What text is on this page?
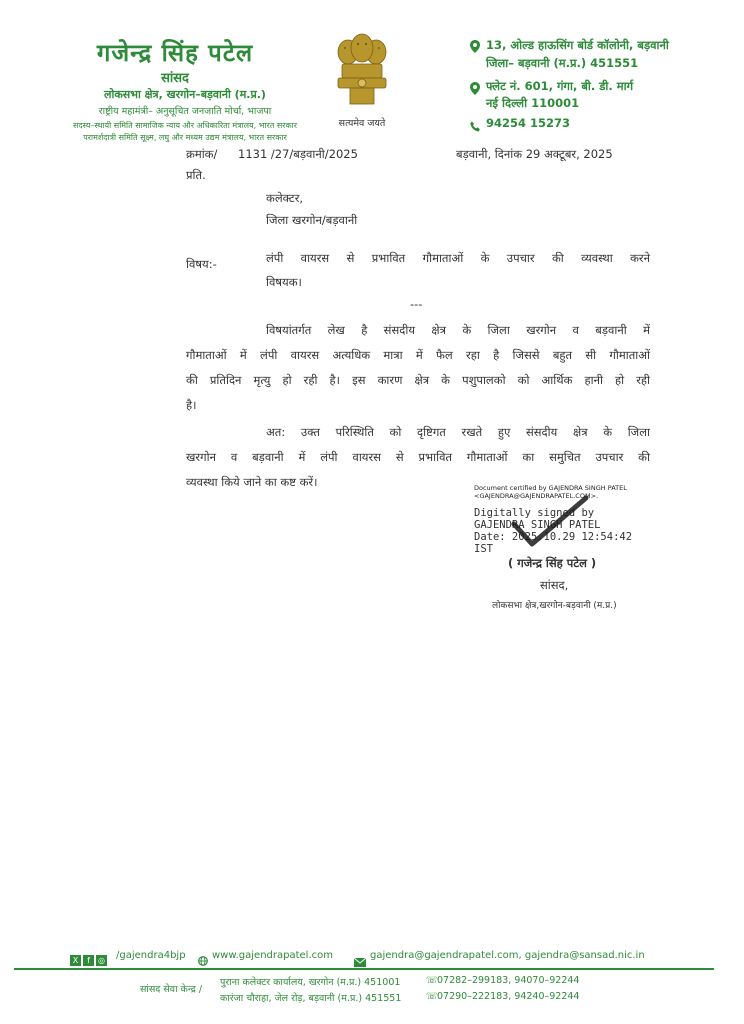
गजेन्द्र सिंह पटेल
सांसद
लोकसभा क्षेत्र, खरगोन–बड़वानी (म.प्र.)
राष्ट्रीय महामंत्री– अनुसूचित जनजाति मोर्चा, भाजपा
सदस्य–स्थायी समिति सामाजिक न्याय और अधिकारिता मंत्रालय, भारत सरकार
परामर्शदात्री समिति सूक्ष्म, लघु और मध्यम उद्यम मंत्रालय, भारत सरकार
सत्यमेव जयते
13, ओल्ड हाऊसिंग बोर्ड कॉलोनी, बड़वानी
जिला– बड़वानी (म.प्र.) 451551
फ्लेट नं. 601, गंगा, बी. डी. मार्ग
नई दिल्ली 110001
94254 15273
क्रमांक/ 1131 /27/बड़वानी/2025	बड़वानी, दिनांक 29 अक्टूबर, 2025
प्रति.
कलेक्टर,
जिला खरगोन/बड़वानी
विषय:-	लंपी वायरस से प्रभावित गौमाताओं के उपचार की व्यवस्था करने
विषयक।
---
विषयांतर्गत लेख है संसदीय क्षेत्र के जिला खरगोन व बड़वानी में
गौमाताओं में लंपी वायरस अत्यधिक मात्रा में फैल रहा है जिससे बहुत सी गौमाताओं
की प्रतिदिन मृत्यु हो रही है। इस कारण क्षेत्र के पशुपालको को आर्थिक हानी हो रही
है।
अत: उक्त परिस्थिति को दृष्टिगत रखते हुए संसदीय क्षेत्र के जिला
खरगोन व बड़वानी में लंपी वायरस से प्रभावित गौमाताओं का समुचित उपचार की
व्यवस्था किये जाने का कष्ट करें।	Document certified by GAJENDRA SINGH PATEL
<GAJENDRA@GAJENDRAPATEL.COM>.
Digitally signed by
GAJENDRA SINGH PATEL
Date: 2025.10.29 12:54:42
IST
( गजेन्द्र सिंह पटेल )
सांसद,
लोकसभा क्षेत्र,खरगोन-बड़वानी (म.प्र.)
X f ◎	/gajendra4bjp	www.gajendrapatel.com	gajendra@gajendrapatel.com, gajendra@sansad.nic.in
सांसद सेवा केन्द्र /
पुराना कलेक्टर कार्यालय, खरगोन (म.प्र.) 451001	☏ 07282–299183, 94070–92244
कारंजा चौराहा, जेल रोड़, बड़वानी (म.प्र.) 451551	☏ 07290–222183, 94240–92244
